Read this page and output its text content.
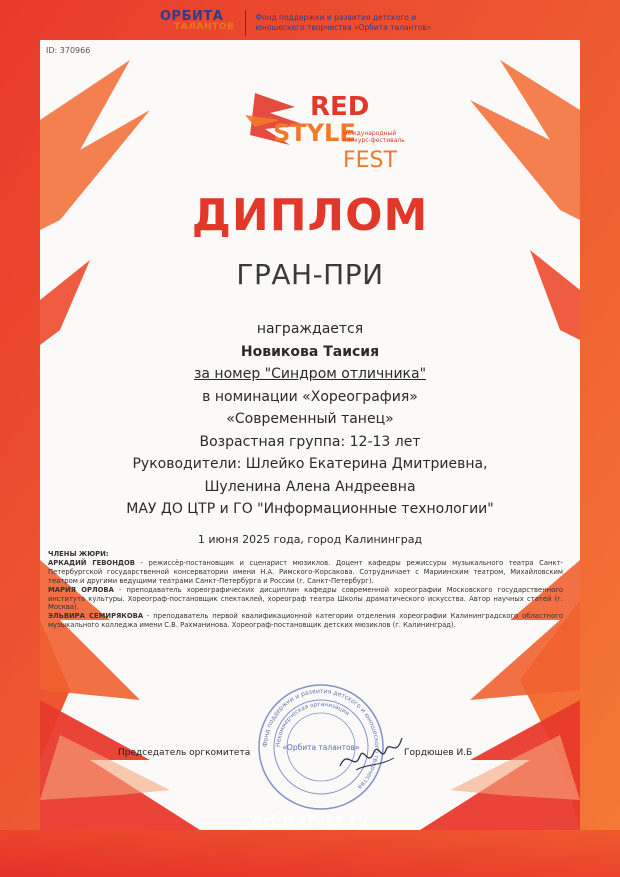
ОРБИТА
ТАЛАНТОВ
Фонд поддержки и развития детского и юношеского творчества «Орбита талантов»
ID: 370966
RED
STYLE
международный конкурс-фестиваль
FEST
ДИПЛОМ
ГРАН-ПРИ
награждается
Новикова Таисия
за номер "Синдром отличника"
в номинации «Хореография»
«Современный танец»
Возрастная группа: 12-13 лет
Руководители: Шлейко Екатерина Дмитриевна,
Шуленина Алена Андреевна
МАУ ДО ЦТР и ГО "Информационные технологии"
1 июня 2025 года, город Калининград
ЧЛЕНЫ ЖЮРИ:

АРКАДИЙ ГЕВОНДОВ - режиссёр-постановщик и сценарист мюзиклов. Доцент кафедры режиссуры музыкального театра Санкт-Петербургской государственной консерватории имени Н.А. Римского-Корсакова. Сотрудничает с Мариинским театром, Михайловским театром и другими ведущими театрами Санкт-Петербурга и России (г. Санкт-Петербург).

МАРИЯ ОРЛОВА - преподаватель хореографических дисциплин кафедры современной хореографии Московского государственного института культуры. Хореограф-постановщик спектаклей, хореограф театра Школы драматического искусства. Автор научных статей (г. Москва).

ЭЛЬВИРА СЕМИРЯКОВА - преподаватель первой квалификационной категории отделения хореографии Калининградского областного музыкального колледжа имени С.В. Рахманинова. Хореограф-постановщик детских мюзиклов (г. Калининград).

Фонд поддержки и развития детского и юношеского творчества
Некоммерческая организация
«Орбита талантов»
Председатель оргкомитета	Гордюшев И.Б
orbitafest.tv
